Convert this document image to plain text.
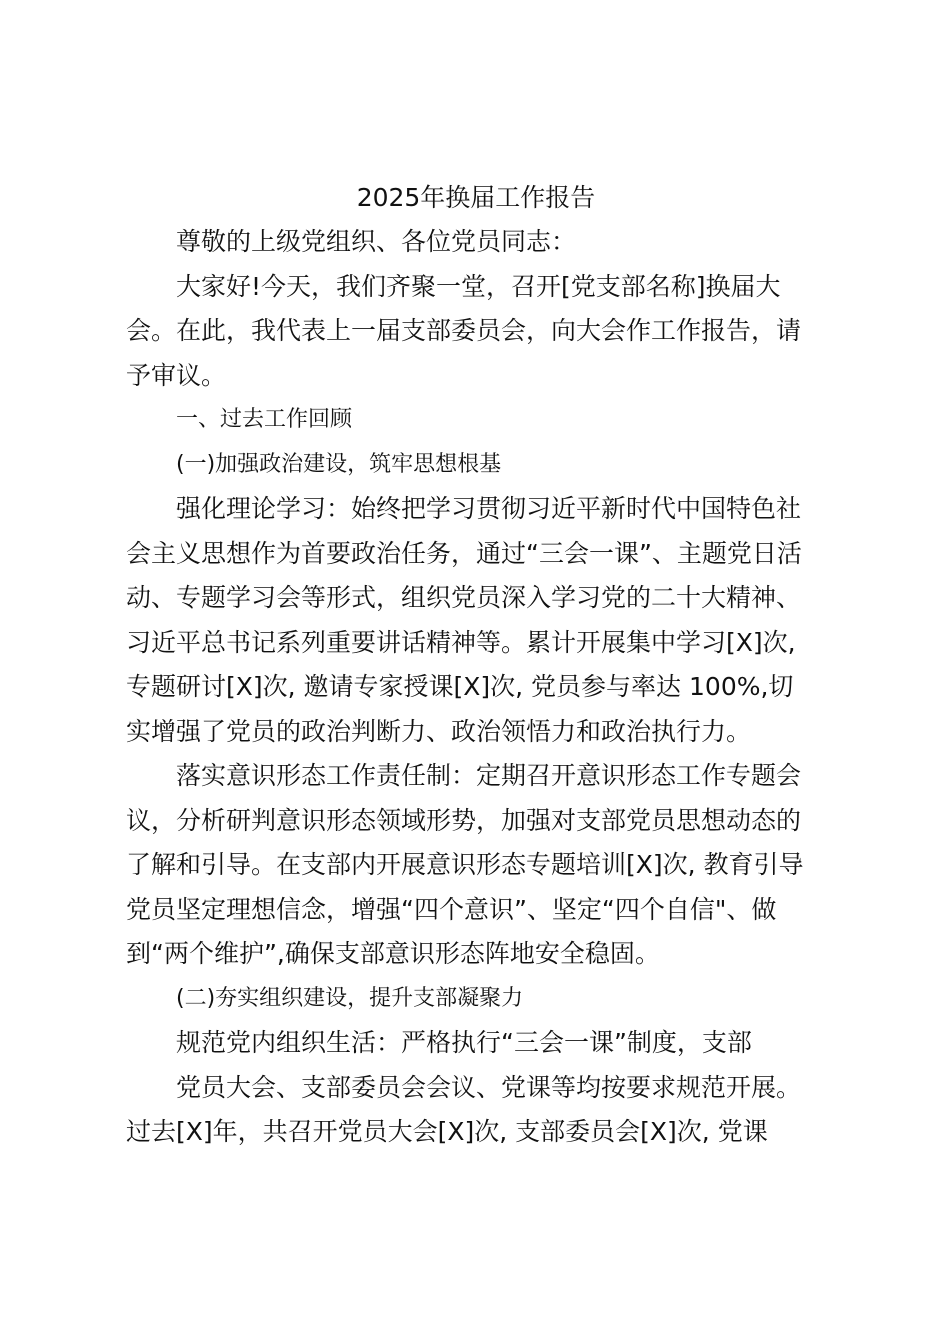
2025年换届工作报告
尊敬的上级党组织、各位党员同志：
大家好!今天，我们齐聚一堂，召开[党支部名称]换届大
会。在此，我代表上一届支部委员会，向大会作工作报告，请
予审议。
一、过去工作回顾
(一)加强政治建设，筑牢思想根基
强化理论学习：始终把学习贯彻习近平新时代中国特色社
会主义思想作为首要政治任务，通过“三会一课”、主题党日活
动、专题学习会等形式，组织党员深入学习党的二十大精神、
习近平总书记系列重要讲话精神等。累计开展集中学习[X]次,
专题研讨[X]次, 邀请专家授课[X]次, 党员参与率达 100%,切
实增强了党员的政治判断力、政治领悟力和政治执行力。
落实意识形态工作责任制：定期召开意识形态工作专题会
议，分析研判意识形态领域形势，加强对支部党员思想动态的
了解和引导。在支部内开展意识形态专题培训[X]次, 教育引导
党员坚定理想信念，增强“四个意识”、坚定“四个自信"、做
到“两个维护”,确保支部意识形态阵地安全稳固。
(二)夯实组织建设，提升支部凝聚力
规范党内组织生活：严格执行“三会一课”制度，支部
党员大会、支部委员会会议、党课等均按要求规范开展。
过去[X]年，共召开党员大会[X]次, 支部委员会[X]次, 党课
